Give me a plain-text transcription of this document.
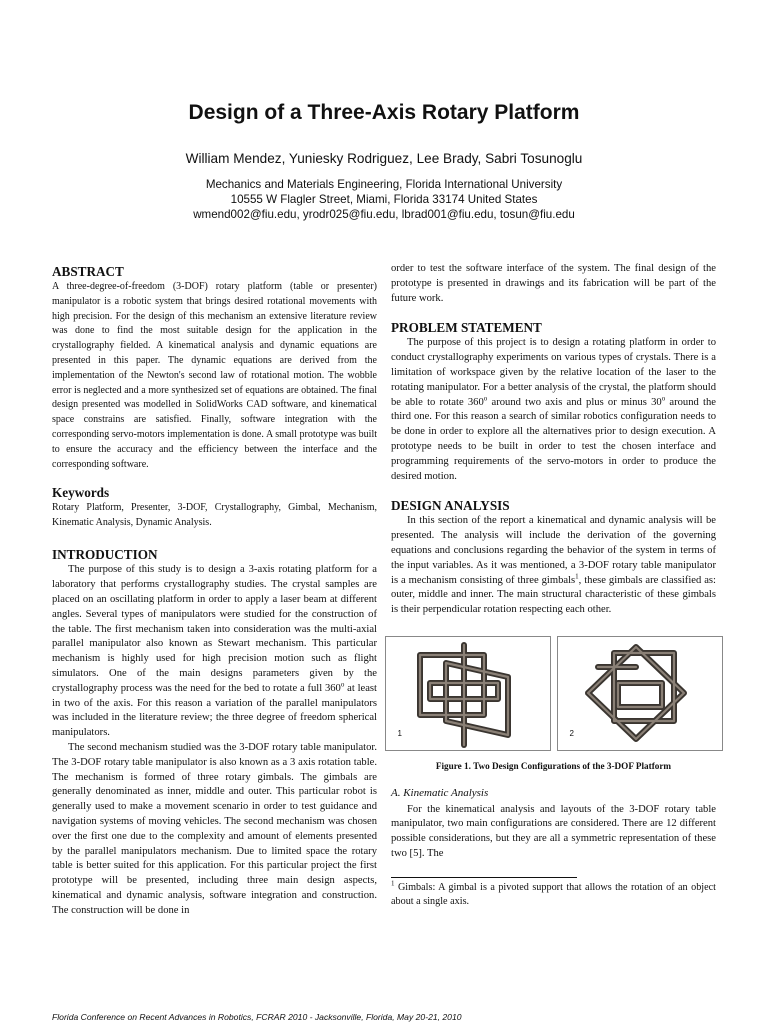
Design of a Three-Axis Rotary Platform
William Mendez, Yuniesky Rodriguez, Lee Brady, Sabri Tosunoglu
Mechanics and Materials Engineering, Florida International University
10555 W Flagler Street, Miami, Florida 33174 United States
wmend002@fiu.edu, yrodr025@fiu.edu, lbrad001@fiu.edu, tosun@fiu.edu
ABSTRACT

A three-degree-of-freedom (3-DOF) rotary platform (table or presenter) manipulator is a robotic system that brings desired rotational movements with high precision. For the design of this mechanism an extensive literature review was done to find the most suitable design for the application in the crystallography fielded. A kinematical analysis and dynamic equations are presented in this paper. The dynamic equations are derived from the implementation of the Newton's second law of rotational motion. The wobble error is neglected and a more synthesized set of equations are obtained. The final design presented was modelled in SolidWorks CAD software, and kinematical space constrains are satisfied. Finally, software integration with the corresponding servo-motors implementation is done. A small prototype was built to ensure the accuracy and the efficiency between the interface and the corresponding software.

Keywords

Rotary Platform, Presenter, 3-DOF, Crystallography, Gimbal, Mechanism, Kinematic Analysis, Dynamic Analysis.

INTRODUCTION

The purpose of this study is to design a 3-axis rotating platform for a laboratory that performs crystallography studies. The crystal samples are placed on an oscillating platform in order to apply a laser beam at different angles. Several types of manipulators were studied for the construction of the table. The first mechanism taken into consideration was the multi-axial parallel manipulator also known as Stewart mechanism. This particular mechanism is highly used for high precision motion such as flight simulators. One of the main designs parameters given by the crystallography process was the need for the bed to rotate a full 360$^o$ at least in two of the axis. For this reason a variation of the parallel manipulators was included in the literature review; the three degree of freedom spherical manipulators.

The second mechanism studied was the 3-DOF rotary table manipulator. The 3-DOF rotary table manipulator is also known as a 3 axis rotation table. The mechanism is formed of three rotary gimbals. The gimbals are generally denominated as inner, middle and outer. This particular robot is generally used to make a movement scenario in order to test guidance and navigation systems of moving vehicles. The second mechanism was chosen over the first one due to the complexity and amount of elements presented by the parallel manipulators mechanism. Due to limited space the rotary table is better suited for this application. For this particular project the first prototype will be presented, including three main design aspects, kinematical and dynamic analysis, software integration and construction. The construction will be done in

order to test the software interface of the system. The final design of the prototype is presented in drawings and its fabrication will be part of the future work.

PROBLEM STATEMENT

The purpose of this project is to design a rotating platform in order to conduct crystallography experiments on various types of crystals. There is a limitation of workspace given by the relative location of the laser to the rotating manipulator. For a better analysis of the crystal, the platform should be able to rotate 360$^o$ around two axis and plus or minus 30$^o$ around the third one. For this reason a search of similar robotics configuration needs to be done in order to explore all the alternatives prior to design execution. A prototype needs to be built in order to test the chosen interface and programming requirements of the servo-motors in order to produce the desired motion.

DESIGN ANALYSIS

In this section of the report a kinematical and dynamic analysis will be presented. The analysis will include the derivation of the governing equations and conclusions regarding the behavior of the system in terms of the input variables. As it was mentioned, a 3-DOF rotary table manipulator is a mechanism consisting of three gimbals$^1$, these gimbals are classified as: outer, middle and inner. The main structural characteristic of these gimbals is their perpendicular rotation respecting each other.

1	2
Figure 1. Two Design Configurations of the 3-DOF Platform
A. Kinematic Analysis

For the kinematical analysis and layouts of the 3-DOF rotary table manipulator, two main configurations are considered. There are 12 different possible considerations, but they are all a symmetric representation of these two [5]. The

$^1$ Gimbals: A gimbal is a pivoted support that allows the rotation of an object about a single axis.

Florida Conference on Recent Advances in Robotics, FCRAR 2010 - Jacksonville, Florida, May 20-21, 2010
